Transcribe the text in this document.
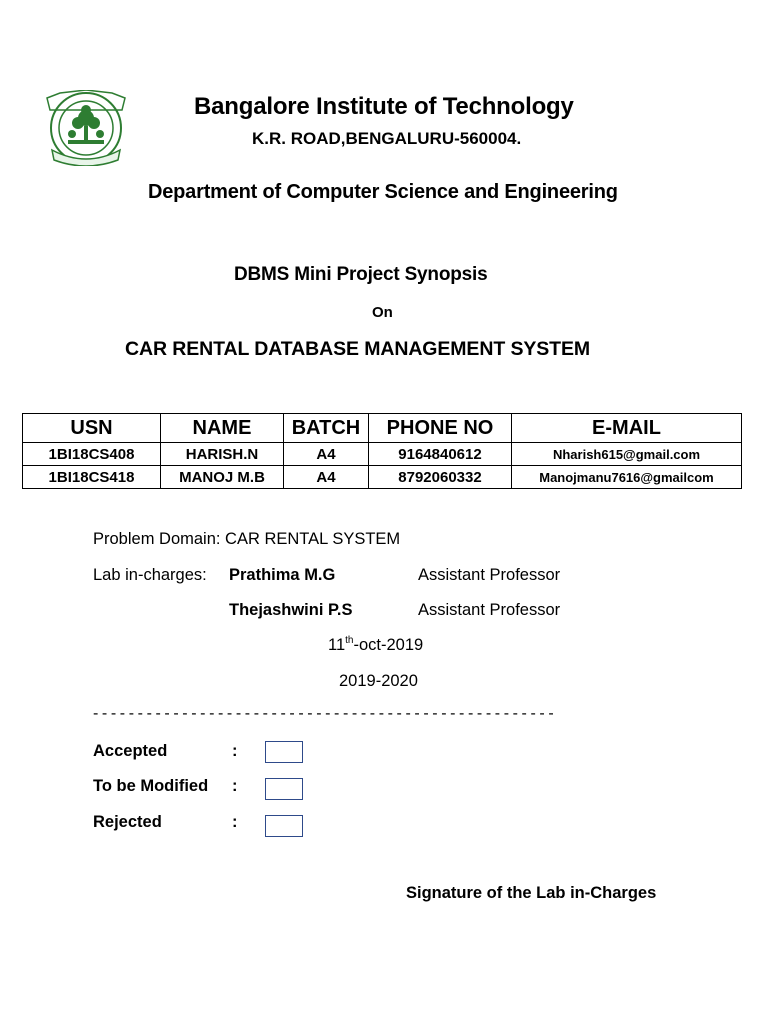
Bangalore Institute of Technology
K.R. ROAD,BENGALURU-560004.
Department of Computer Science and Engineering
DBMS Mini Project Synopsis
On
CAR RENTAL DATABASE MANAGEMENT SYSTEM
USN	NAME	BATCH	PHONE NO	E-MAIL
1BI18CS408	HARISH.N	A4	9164840612	Nharish615@gmail.com
1BI18CS418	MANOJ M.B	A4	8792060332	Manojmanu7616@gmailcom
Problem Domain: CAR RENTAL SYSTEM
Lab in-charges: Prathima M.G	Assistant Professor
Thejashwini P.S	Assistant Professor
11th-oct-2019
2019-2020
----------------------------------------------------
Accepted	:
To be Modified :
Rejected	:
Signature of the Lab in-Charges
